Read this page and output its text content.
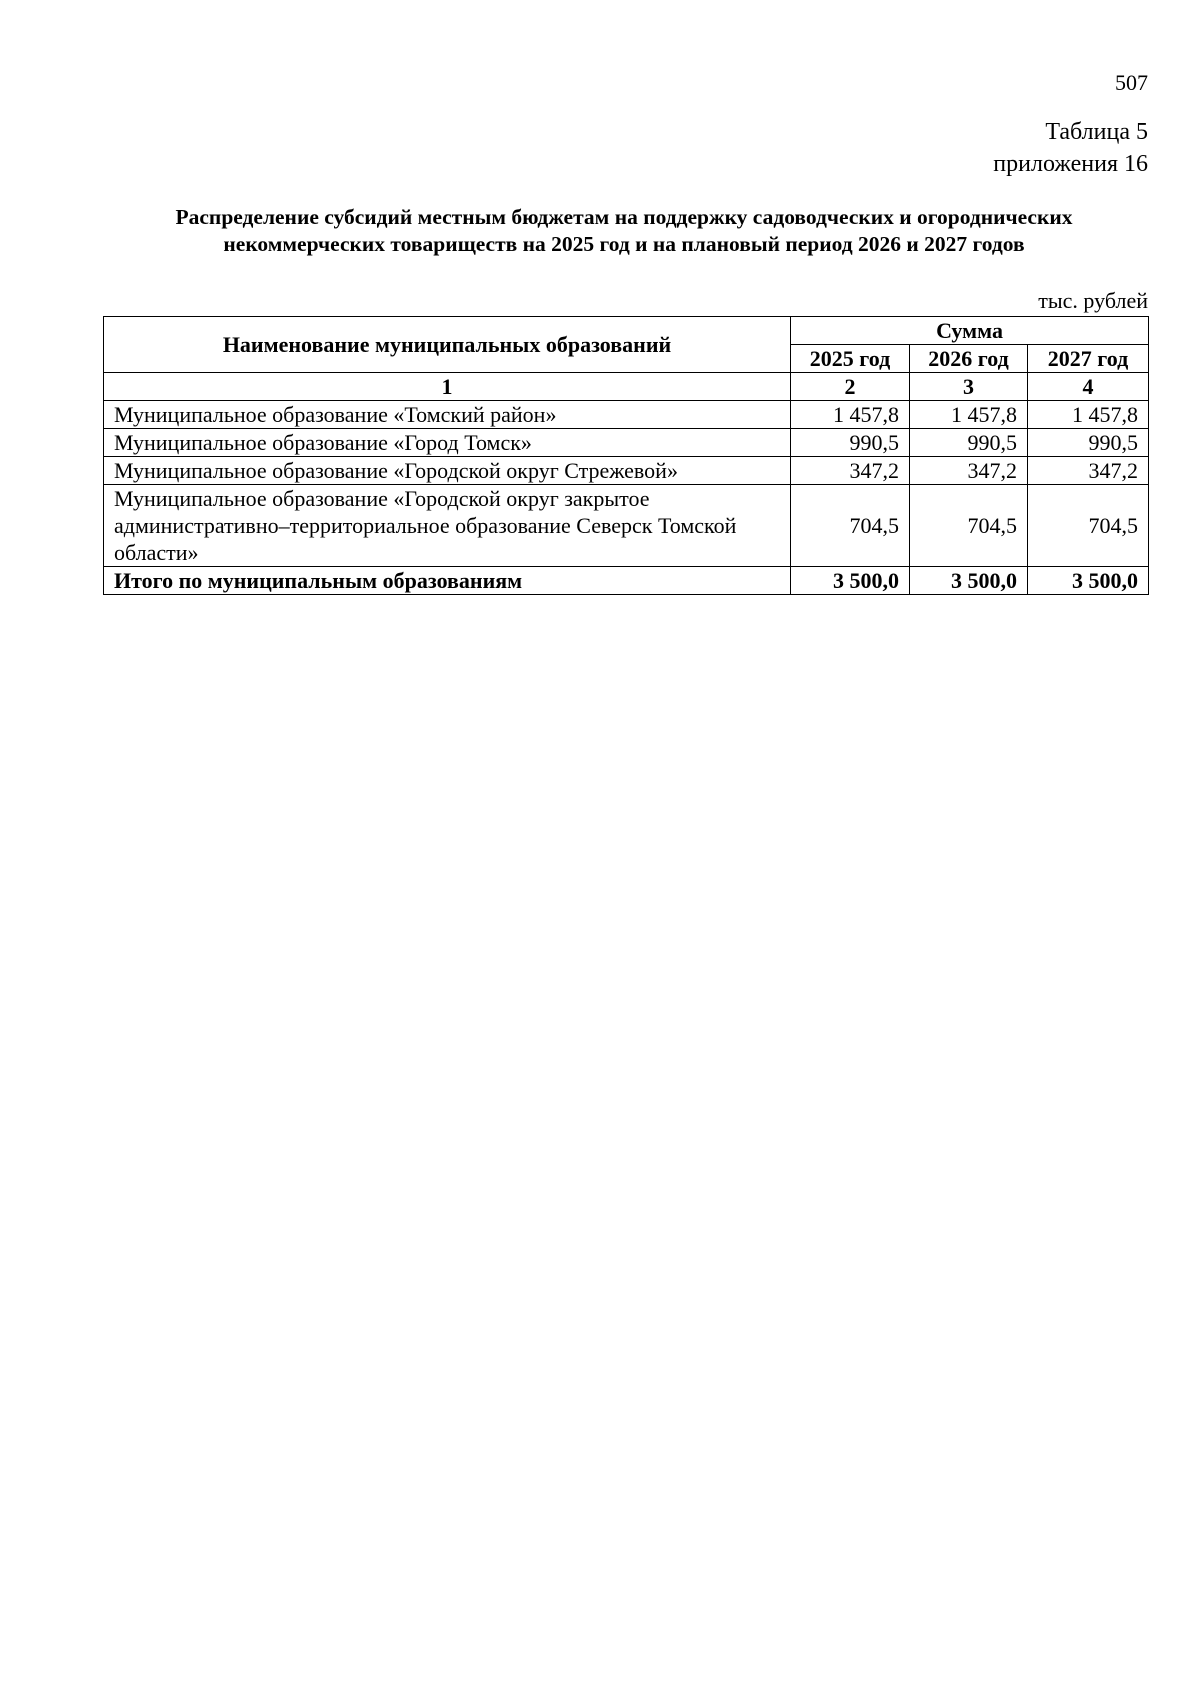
507
Таблица 5
приложения 16
Распределение субсидий местным бюджетам на поддержку садоводческих и огороднических
некоммерческих товариществ на 2025 год и на плановый период 2026 и 2027 годов
тыс. рублей
Наименование муниципальных образований	Сумма		
	2025 год	2026 год	2027 год
1	2	3	4
Муниципальное образование «Томский район»	1 457,8	1 457,8	1 457,8
Муниципальное образование «Город Томск»	990,5	990,5	990,5
Муниципальное образование «Городской округ Стрежевой»	347,2	347,2	347,2
Муниципальное образование «Городской округ закрытое административно–территориальное образование Северск Томской области»	704,5	704,5	704,5
Итого по муниципальным образованиям	3 500,0	3 500,0	3 500,0
